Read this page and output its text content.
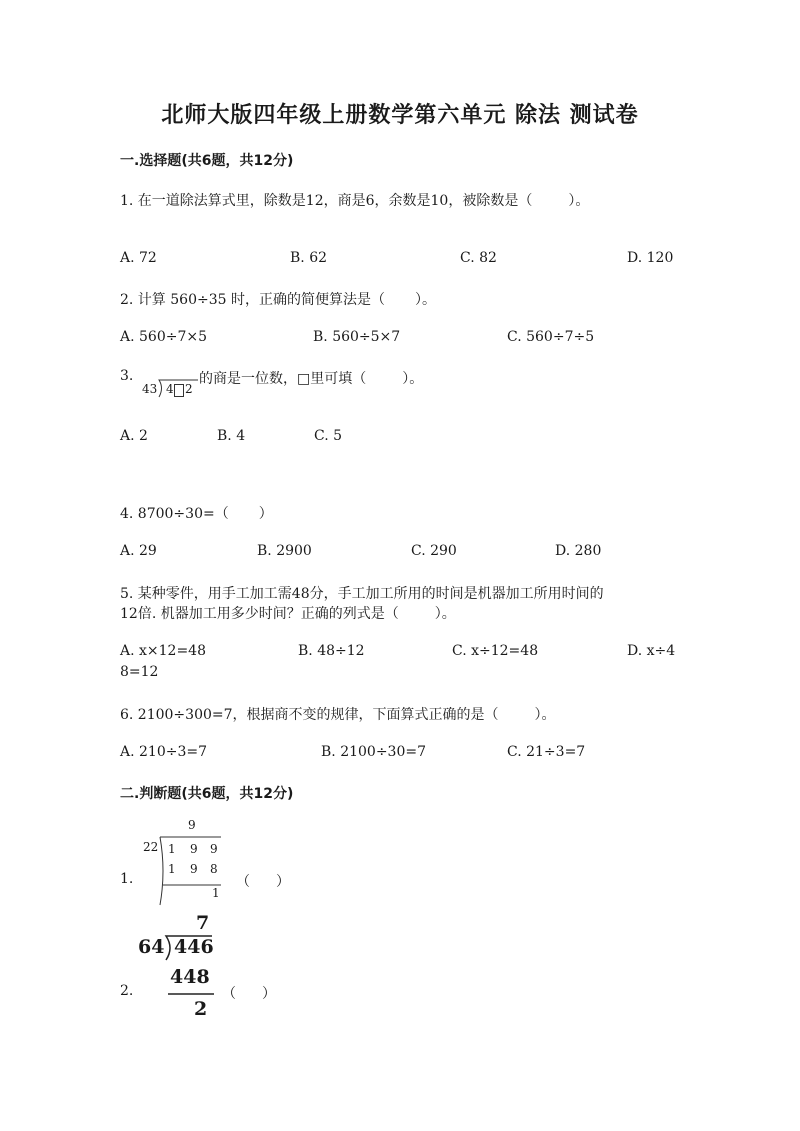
北师大版四年级上册数学第六单元 除法 测试卷
一.选择题(共6题，共12分)
1. 在一道除法算式里，除数是12，商是6，余数是10，被除数是（	）。
A. 72	B. 62	C. 82	D. 120
2. 计算 560÷35 时，正确的简便算法是（ ）。
A. 560÷7×5	B. 560÷5×7	C. 560÷7÷5
3.
43 4 2
的商是一位数，□里可填（	）。
A. 2	B. 4	C. 5
4. 8700÷30=（ ）
A. 29	B. 2900	C. 290	D. 280
5. 某种零件，用手工加工需48分，手工加工所用的时间是机器加工所用时间的
12倍. 机器加工用多少时间？正确的列式是（	）。
A. x×12=48	B. 48÷12	C. x÷12=48	D. x÷4
8=12
6. 2100÷300=7，根据商不变的规律，下面算式正确的是（	）。
A. 210÷3=7	B. 2100÷30=7	C. 21÷3=7
二.判断题(共6题，共12分)
9
22 1 9 9
1 9 8
1
1.	（ ）
7
64 446
448
2
2.	（ ）
